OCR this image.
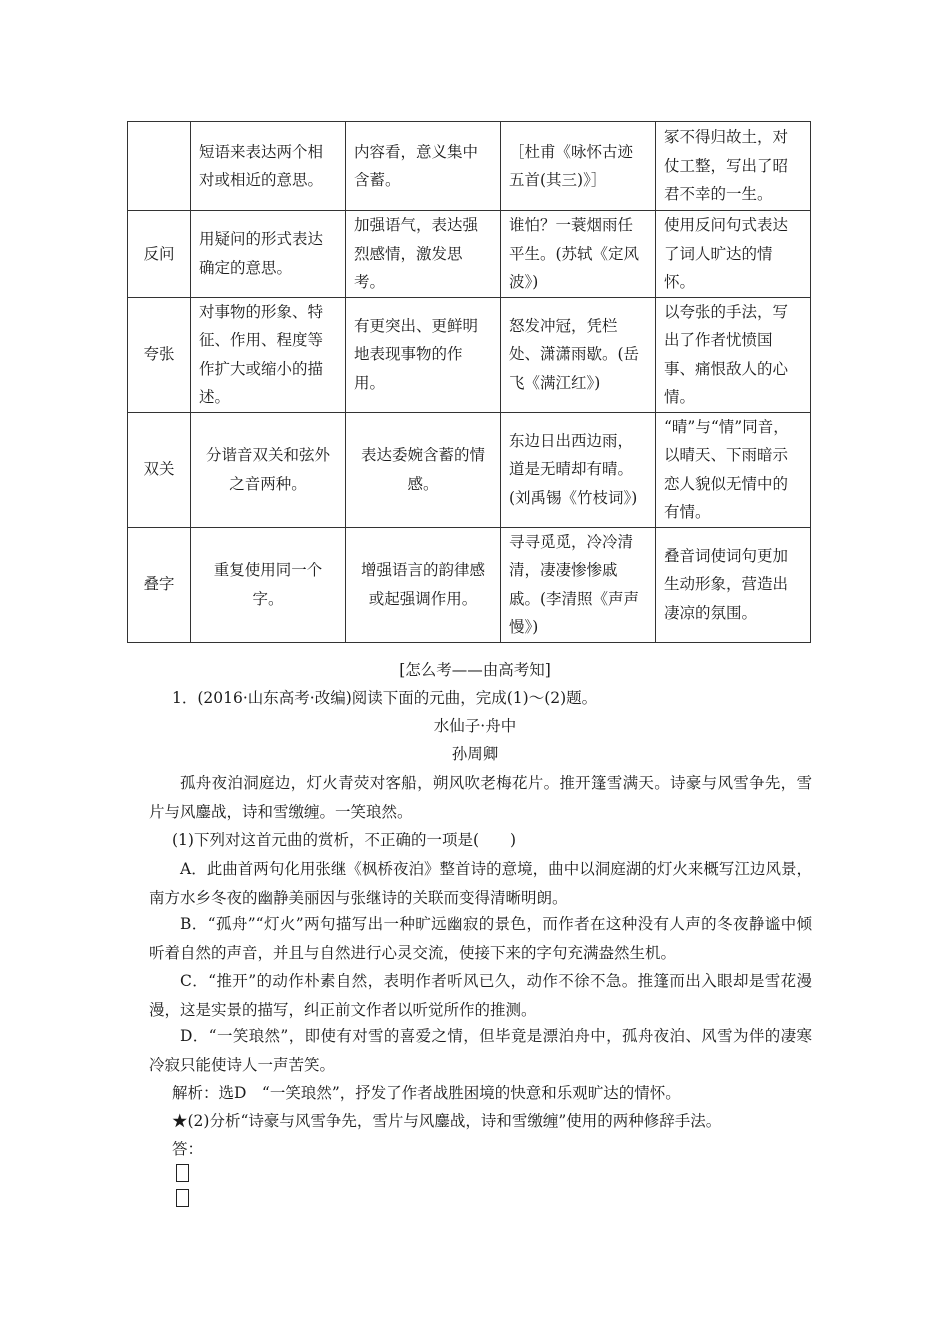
	短语来表达两个相对或相近的意思。	内容看，意义集中含蓄。	［杜甫《咏怀古迹五首(其三)》］	冢不得归故土，对仗工整，写出了昭君不幸的一生。
反问	用疑问的形式表达确定的意思。	加强语气，表达强烈感情，激发思考。	谁怕？一蓑烟雨任平生。(苏轼《定风波》)	使用反问句式表达了词人旷达的情怀。
夸张	对事物的形象、特征、作用、程度等作扩大或缩小的描述。	有更突出、更鲜明地表现事物的作用。	怒发冲冠，凭栏处、潇潇雨歇。(岳飞《满江红》)	以夸张的手法，写出了作者忧愤国事、痛恨敌人的心情。
双关	分谐音双关和弦外之音两种。	表达委婉含蓄的情感。	东边日出西边雨，道是无晴却有晴。(刘禹锡《竹枝词》)	“晴”与“情”同音，以晴天、下雨暗示恋人貌似无情中的有情。
叠字	重复使用同一个字。	增强语言的韵律感或起强调作用。	寻寻觅觅，冷冷清清，凄凄惨惨戚戚。(李清照《声声慢》)	叠音词使词句更加生动形象，营造出凄凉的氛围。
[怎么考——由高考知]
1．(2016·山东高考·改编)阅读下面的元曲，完成(1)～(2)题。
水仙子·舟中
孙周卿
孤舟夜泊洞庭边，灯火青荧对客船，朔风吹老梅花片。推开篷雪满天。诗豪与风雪争先，雪片与风鏖战，诗和雪缴缠。一笑琅然。
(1)下列对这首元曲的赏析，不正确的一项是(　　)
A．此曲首两句化用张继《枫桥夜泊》整首诗的意境，曲中以洞庭湖的灯火来概写江边风景，南方水乡冬夜的幽静美丽因与张继诗的关联而变得清晰明朗。
B．“孤舟”“灯火”两句描写出一种旷远幽寂的景色，而作者在这种没有人声的冬夜静谧中倾听着自然的声音，并且与自然进行心灵交流，使接下来的字句充满盎然生机。
C．“推开”的动作朴素自然，表明作者听风已久，动作不徐不急。推篷而出入眼却是雪花漫漫，这是实景的描写，纠正前文作者以听觉所作的推测。
D．“一笑琅然”，即使有对雪的喜爱之情，但毕竟是漂泊舟中，孤舟夜泊、风雪为伴的凄寒冷寂只能使诗人一声苦笑。
解析：选D　“一笑琅然”，抒发了作者战胜困境的快意和乐观旷达的情怀。
★(2)分析“诗豪与风雪争先，雪片与风鏖战，诗和雪缴缠”使用的两种修辞手法。
答：
